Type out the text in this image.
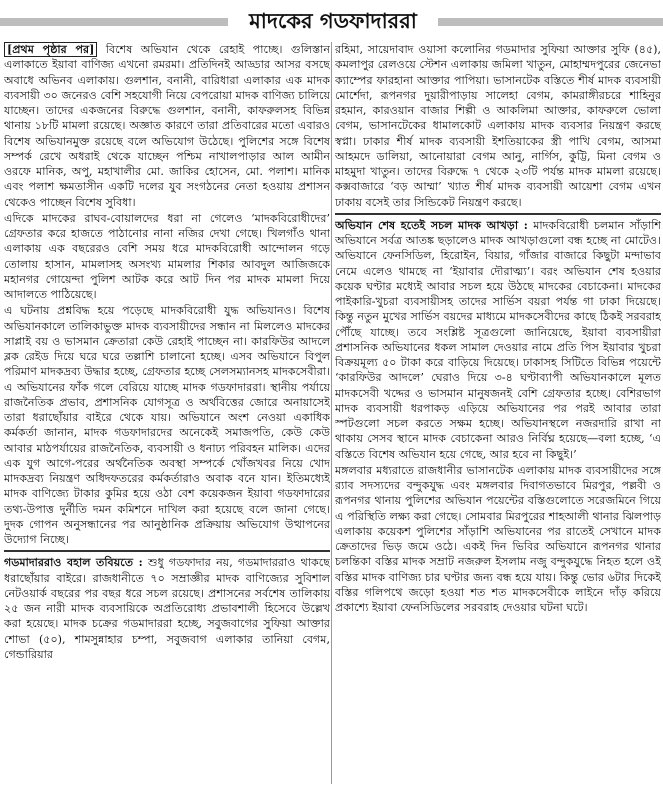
মাদকের গডফাদাররা

[প্রথম পৃষ্ঠার পর] বিশেষ অভিযান থেকে রেহাই পাচ্ছে। গুলিস্তান এলাকাতে ইয়াবা বাণিজ্য এখনো রমরমা। প্রতিদিনই আড্ডার আসর বসছে অবাধে অভিনব এলাকায়। গুলশান, বনানী, বারিধারা এলাকার এক মাদক ব্যবসায়ী ৩০ জনেরও বেশি সহযোগী নিয়ে বেপরোয়া মাদক বাণিজ্য চালিয়ে যাচ্ছেন। তাদের একজনের বিরুদ্ধে গুলশান, বনানী, কাফরুলসহ বিভিন্ন থানায় ১৮টি মামলা রয়েছে। অজ্ঞাত কারণে তারা প্রতিবারের মতো এবারও বিশেষ অভিযানমুক্ত রয়েছে বলে অভিযোগ উঠেছে। পুলিশের সঙ্গে বিশেষ সম্পর্ক রেখে অধরাই থেকে যাচ্ছেন পশ্চিম নাখালপাড়ার আল আমীন ওরফে মানিক, অপু, মহাখালীর মো. জাকির হোসেন, মো. পলাশ। মানিক এবং পলাশ ক্ষমতাসীন একটি দলের যুব সংগঠনের নেতা হওয়ায় প্রশাসন থেকেও পাচ্ছেন বিশেষ সুবিধা।

এদিকে মাদকের রাঘব-বোয়ালদের ধরা না গেলেও ‘মাদকবিরোধীদের’ গ্রেফতার করে হাজতে পাঠানোর নানা নজির দেখা গেছে। খিলগাঁও থানা এলাকায় এক বছরেরও বেশি সময় ধরে মাদকবিরোধী আন্দোলন গড়ে তোলায় হাসান, মামলাসহ অসংখ্য মামলার শিকার আবদুল আজিজকে মহানগর গোয়েন্দা পুলিশ আটক করে আট দিন পর মাদক মামলা দিয়ে আদালতে পাঠিয়েছে।

এ ঘটনায় প্রশ্নবিদ্ধ হয়ে পড়েছে মাদকবিরোধী যুদ্ধ অভিযানও। বিশেষ অভিযানকালে তালিকাভুক্ত মাদক ব্যবসায়ীদের সন্ধান না মিললেও মাদকের সাপ্লাই বয় ও ভাসমান ক্রেতারা কেউ রেহাই পাচ্ছেন না। কারফিউর আদলে ব্লক রেইড দিয়ে ঘরে ঘরে তল্লাশি চালানো হচ্ছে। এসব অভিযানে বিপুল পরিমাণ মাদকদ্রব্য উদ্ধার হচ্ছে, গ্রেফতার হচ্ছে সেলসম্যানসহ মাদকসেবীরা। এ অভিযানের ফাঁক গলে বেরিয়ে যাচ্ছে মাদক গডফাদাররা। স্থানীয় পর্যায়ে রাজনৈতিক প্রভাব, প্রশাসনিক যোগসূত্র ও অর্থবিত্তের জোরে অনায়াসেই তারা ধরাছোঁয়ার বাইরে থেকে যায়। অভিযানে অংশ নেওয়া একাধিক কর্মকর্তা জানান, মাদক গডফাদারদের অনেকেই সমাজপতি, কেউ কেউ আবার মাঠপর্যায়ের রাজনৈতিক, ব্যবসায়ী ও ধনাঢ্য পরিবহন মালিক। এদের এক যুগ আগে-পরের অর্থনৈতিক অবস্থা সম্পর্কে খোঁজখবর নিয়ে খোদ মাদকদ্রব্য নিয়ন্ত্রণ অধিদফতরের কর্মকর্তারাও অবাক বনে যান। ইতিমধ্যেই মাদক বাণিজ্যে টাকার কুমির হয়ে ওঠা বেশ কয়েকজন ইয়াবা গডফাদারের তথ্য-উপাত্ত দুর্নীতি দমন কমিশনে দাখিল করা হয়েছে বলে জানা গেছে। দুদক গোপন অনুসন্ধানের পর আনুষ্ঠানিক প্রক্রিয়ায় অভিযোগ উত্থাপনের উদ্যোগ নিচ্ছে।

গডমাদাররাও বহাল তবিয়তে : শুধু গডফাদার নয়, গডমাদাররাও থাকছে ধরাছোঁয়ার বাইরে। রাজধানীতে ৭০ সম্রাজ্ঞীর মাদক বাণিজ্যের সুবিশাল নেটওয়ার্ক বছরের পর বছর ধরে সচল রয়েছে। প্রশাসনের সর্বশেষ তালিকায় ২৫ জন নারী মাদক ব্যবসায়িকে অপ্রতিরোধ্য প্রভাবশালী হিসেবে উল্লেখ করা হয়েছে। মাদক চক্রের গডমাদাররা হচ্ছে, সবুজবাগের সুফিয়া আক্তার শোভা (৫০), শামসুন্নাহার চম্পা, সবুজবাগ এলাকার তানিয়া বেগম, গেন্ডারিয়ার

রহিমা, সায়েদাবাদ ওয়াসা কলোনির গডমাদার সুফিয়া আক্তার সুফি (৪৫), কমলাপুর রেলওয়ে স্টেশন এলাকায় জমিলা খাতুন, মোহাম্মদপুরের জেনেভা ক্যাম্পের ফারহানা আক্তার পাপিয়া। ভাসানটেক বস্তিতে শীর্ষ মাদক ব্যবসায়ী মোর্শেদা, রূপনগর দুয়ারীপাড়ায় সালেহা বেগম, কামরাঙ্গীরচরে শাহিনুর রহমান, কারওয়ান বাজার শিল্পী ও আকলিমা আক্তার, কাফরুলে ভোলা বেগম, ভাসানটেকের ধামালকোট এলাকায় মাদক ব্যবসার নিয়ন্ত্রণ করছে স্বপ্না। ঢাকার শীর্ষ মাদক ব্যবসায়ী ইশতিয়াকের স্ত্রী পাখি বেগম, আসমা আহমদে ডালিয়া, আনোয়ারা বেগম আনু, নার্গিস, কুট্টি, মিনা বেগম ও মাহমুদা খাতুন। তাদের বিরুদ্ধে ৭ থেকে ২৩টি পর্যন্ত মাদক মামলা রয়েছে। কক্সবাজারে ‘বড় আম্মা’ খ্যাত শীর্ষ মাদক ব্যবসায়ী আয়েশা বেগম এখন ঢাকায় বসেই তার সিন্ডিকেট নিয়ন্ত্রণ করছে।

অভিযান শেষ হতেই সচল মাদক আখড়া : মাদকবিরোধী চলমান সাঁড়াশি অভিযানে সর্বত্র আতঙ্ক ছড়ালেও মাদক আখড়াগুলো বন্ধ হচ্ছে না মোটেও। অভিযানে ফেনসিডিল, হিরোইন, বিয়ার, গাঁজার বাজারে কিছুটা মন্দাভাব নেমে এলেও থামছে না ‘ইয়াবার দৌরাত্ম্য’। বরং অভিযান শেষ হওয়ার কয়েক ঘণ্টার মধ্যেই আবার সচল হয়ে উঠছে মাদকের বেচাকেনা। মাদকের পাইকারি-খুচরা ব্যবসায়ীসহ তাদের সার্ভিস বয়রা পর্যন্ত গা ঢাকা দিয়েছে। কিন্তু নতুন মুখের সার্ভিস বয়দের মাধ্যমে মাদকসেবীদের কাছে ঠিকই সরবরাহ পৌঁছে যাচ্ছে। তবে সংশ্লিষ্ট সূত্রগুলো জানিয়েছে, ইয়াবা ব্যবসায়ীরা প্রশাসনিক অভিযানের ধকল সামাল দেওয়ার নামে প্রতি পিস ইয়াবার খুচরা বিক্রয়মূল্য ৫০ টাকা করে বাড়িয়ে দিয়েছে। ঢাকাসহ সিটিতে বিভিন্ন পয়েন্টে ‘কারফিউর আদলে’ ঘেরাও দিয়ে ৩-৪ ঘণ্টাব্যাপী অভিযানকালে মূলত মাদকসেবী খদ্দের ও ভাসমান মানুষজনই বেশি গ্রেফতার হচ্ছে। বেশিরভাগ মাদক ব্যবসায়ী ধরপাকড় এড়িয়ে অভিযানের পর পরই আবার তারা স্পটগুলো সচল করতে সক্ষম হচ্ছে। অভিযানস্থলে নজরদারি রাখা না থাকায় সেসব স্থানে মাদক বেচাকেনা আরও নির্বিঘ্ন হয়েছে—বলা হচ্ছে, ‘এ বস্তিতে বিশেষ অভিযান হয়ে গেছে, আর হবে না কিছুই।’

মঙ্গলবার মধ্যরাতে রাজধানীর ভাসানটেক এলাকায় মাদক ব্যবসায়ীদের সঙ্গে র‌্যাব সদস্যদের বন্দুকযুদ্ধ এবং মঙ্গলবার দিবাগতভাবে মিরপুর, পল্লবী ও রূপনগর থানায় পুলিশের অভিযান পয়েন্টের বস্তিগুলোতে সরেজমিনে গিয়ে এ পরিস্থিতি লক্ষ্য করা গেছে। সোমবার মিরপুরের শাহআলী থানার ঝিলপাড় এলাকায় কয়েকশ পুলিশের সাঁড়াশি অভিযানের পর রাতেই সেখানে মাদক ক্রেতাদের ভিড় জমে ওঠে। একই দিন ভিবির অভিযানে রূপনগর থানার চলন্তিকা বস্তির মাদক সম্রাট নজরুল ইসলাম নজু বন্দুকযুদ্ধে নিহত হলে ওই বস্তির মাদক বাণিজ্য চার ঘণ্টার জন্য বন্ধ হয়ে যায়। কিন্তু ভোর ৬টার দিকেই বস্তির গলিপথে জড়ো হওয়া শত শত মাদকসেবীকে লাইনে দাঁড় করিয়ে প্রকাশ্যে ইয়াবা ফেনসিডিলের সরবরাহ দেওয়ার ঘটনা ঘটে।
